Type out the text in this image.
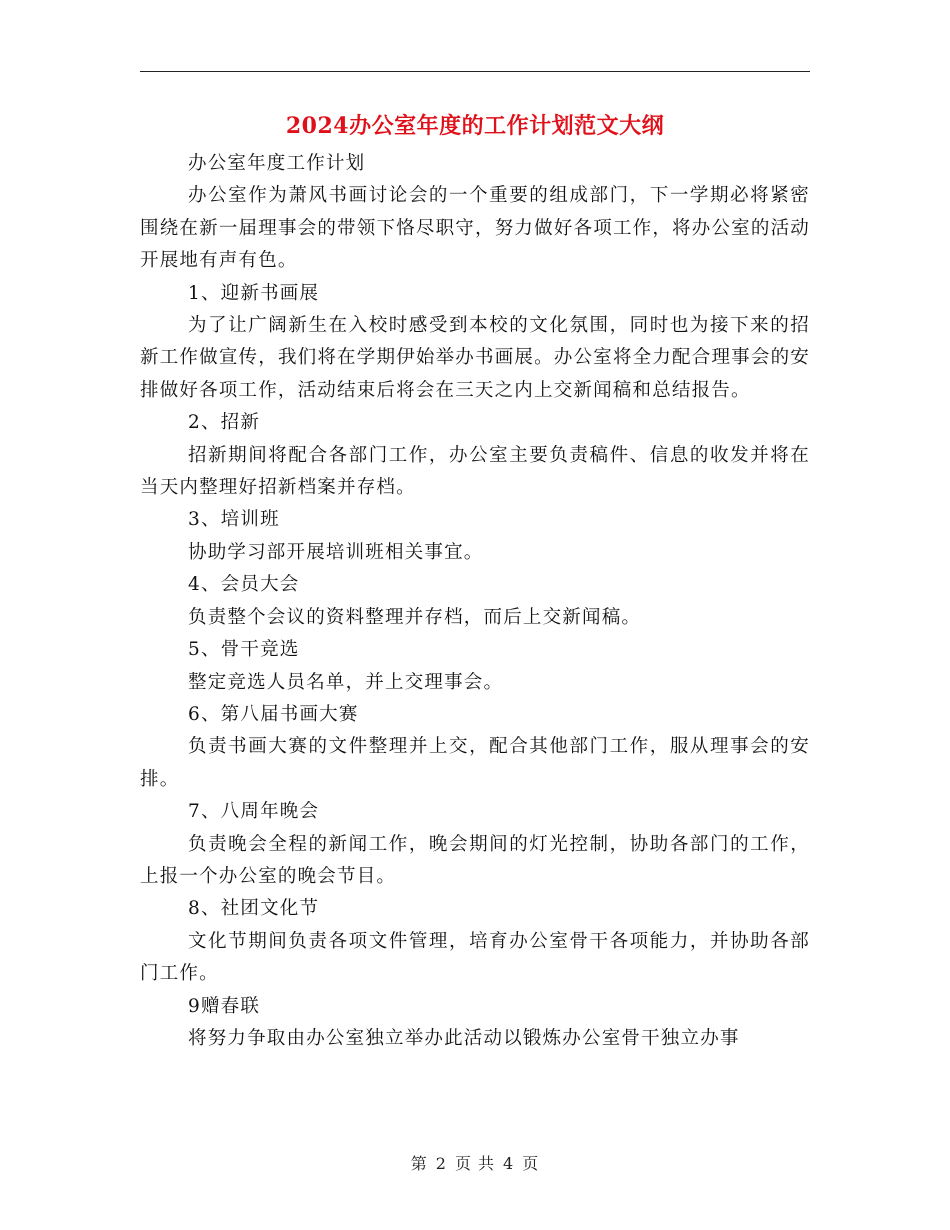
2024办公室年度的工作计划范文大纲

办公室年度工作计划

办公室作为萧风书画讨论会的一个重要的组成部门，下一学期必将紧密围绕在新一届理事会的带领下恪尽职守，努力做好各项工作，将办公室的活动开展地有声有色。

1、迎新书画展

为了让广阔新生在入校时感受到本校的文化氛围，同时也为接下来的招新工作做宣传，我们将在学期伊始举办书画展。办公室将全力配合理事会的安排做好各项工作，活动结束后将会在三天之内上交新闻稿和总结报告。

2、招新

招新期间将配合各部门工作，办公室主要负责稿件、信息的收发并将在当天内整理好招新档案并存档。

3、培训班

协助学习部开展培训班相关事宜。

4、会员大会

负责整个会议的资料整理并存档，而后上交新闻稿。

5、骨干竞选

整定竞选人员名单，并上交理事会。

6、第八届书画大赛

负责书画大赛的文件整理并上交，配合其他部门工作，服从理事会的安排。

7、八周年晚会

负责晚会全程的新闻工作，晚会期间的灯光控制，协助各部门的工作，上报一个办公室的晚会节目。

8、社团文化节

文化节期间负责各项文件管理，培育办公室骨干各项能力，并协助各部门工作。

9赠春联

将努力争取由办公室独立举办此活动以锻炼办公室骨干独立办事

第 2 页 共 4 页
